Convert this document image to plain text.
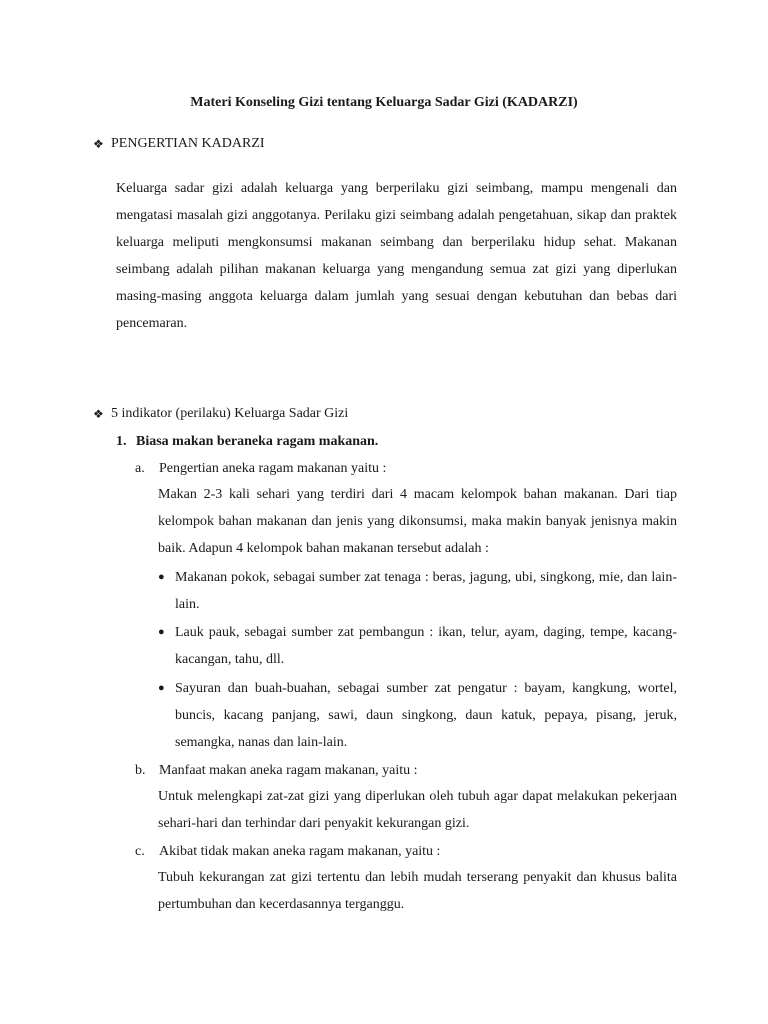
Materi Konseling Gizi tentang Keluarga Sadar Gizi (KADARZI)
❖ PENGERTIAN KADARZI

Keluarga sadar gizi adalah keluarga yang berperilaku gizi seimbang, mampu mengenali dan mengatasi masalah gizi anggotanya. Perilaku gizi seimbang adalah pengetahuan, sikap dan praktek keluarga meliputi mengkonsumsi makanan seimbang dan berperilaku hidup sehat. Makanan seimbang adalah pilihan makanan keluarga yang mengandung semua zat gizi yang diperlukan masing-masing anggota keluarga dalam jumlah yang sesuai dengan kebutuhan dan bebas dari pencemaran.

❖ 5 indikator (perilaku) Keluarga Sadar Gizi
1. Biasa makan beraneka ragam makanan.
a.	Pengertian aneka ragam makanan yaitu :

Makan 2-3 kali sehari yang terdiri dari 4 macam kelompok bahan makanan. Dari tiap kelompok bahan makanan dan jenis yang dikonsumsi, maka makin banyak jenisnya makin baik. Adapun 4 kelompok bahan makanan tersebut adalah :

● Makanan pokok, sebagai sumber zat tenaga : beras, jagung, ubi, singkong, mie, dan lain-lain.

● Lauk pauk, sebagai sumber zat pembangun : ikan, telur, ayam, daging, tempe, kacang-kacangan, tahu, dll.

● Sayuran dan buah-buahan, sebagai sumber zat pengatur : bayam, kangkung, wortel, buncis, kacang panjang, sawi, daun singkong, daun katuk, pepaya, pisang, jeruk, semangka, nanas dan lain-lain.

b. Manfaat makan aneka ragam makanan, yaitu :

Untuk melengkapi zat-zat gizi yang diperlukan oleh tubuh agar dapat melakukan pekerjaan sehari-hari dan terhindar dari penyakit kekurangan gizi.

c.	Akibat tidak makan aneka ragam makanan, yaitu :

Tubuh kekurangan zat gizi tertentu dan lebih mudah terserang penyakit dan khusus balita pertumbuhan dan kecerdasannya terganggu.
